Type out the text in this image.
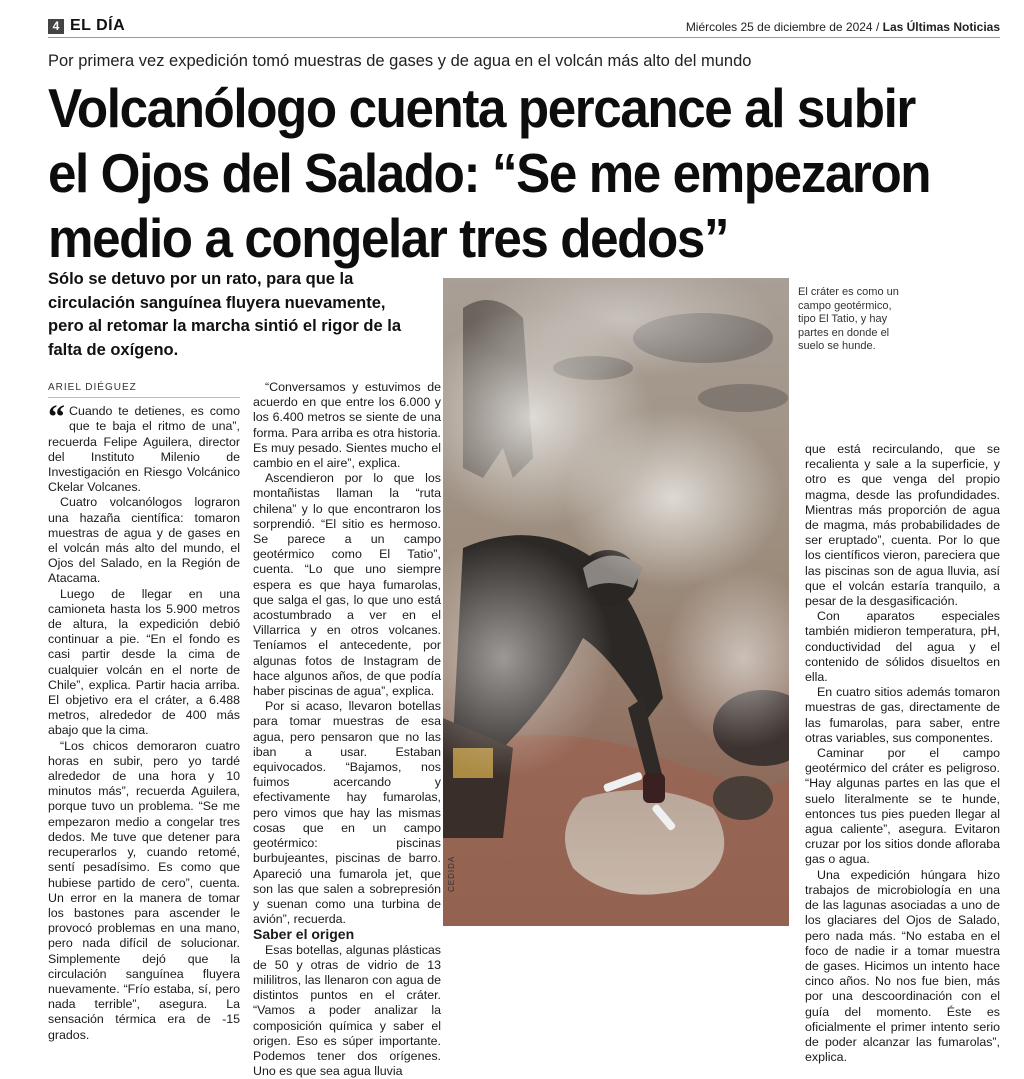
4 EL DÍA	Miércoles 25 de diciembre de 2024 / Las Últimas Noticias
Por primera vez expedición tomó muestras de gases y de agua en el volcán más alto del mundo
Volcanólogo cuenta percance al subir
el Ojos del Salado: “Se me empezaron
medio a congelar tres dedos”
Sólo se detuvo por un rato, para que la circulación sanguínea fluyera nuevamente, pero al retomar la marcha sintió el rigor de la falta de oxígeno.
ARIEL DIÉGUEZ

“ Cuando te detienes, es como que te baja el ritmo de una”, recuerda Felipe Aguilera, director del Instituto Milenio de Investigación en Riesgo Volcánico Ckelar Volcanes.

Cuatro volcanólogos lograron una hazaña científica: tomaron muestras de agua y de gases en el volcán más alto del mundo, el Ojos del Salado, en la Región de Atacama.

Luego de llegar en una camioneta hasta los 5.900 metros de altura, la expedición debió continuar a pie. “En el fondo es casi partir desde la cima de cualquier volcán en el norte de Chile”, explica. Partir hacia arriba. El objetivo era el cráter, a 6.488 metros, alrededor de 400 más abajo que la cima.

“Los chicos demoraron cuatro horas en subir, pero yo tardé alrededor de una hora y 10 minutos más”, recuerda Aguilera, porque tuvo un problema. “Se me empezaron medio a congelar tres dedos. Me tuve que detener para recuperarlos y, cuando retomé, sentí pesadísimo. Es como que hubiese partido de cero”, cuenta. Un error en la manera de tomar los bastones para ascender le provocó problemas en una mano, pero nada difícil de solucionar. Simplemente dejó que la circulación sanguínea fluyera nuevamente. “Frío estaba, sí, pero nada terrible”, asegura. La sensación térmica era de -15 grados.

“Conversamos y estuvimos de acuerdo en que entre los 6.000 y los 6.400 metros se siente de una forma. Para arriba es otra historia. Es muy pesado. Sientes mucho el cambio en el aire”, explica.

Ascendieron por lo que los montañistas llaman la “ruta chilena” y lo que encontraron los sorprendió. “El sitio es hermoso. Se parece a un campo geotérmico como El Tatio”, cuenta. “Lo que uno siempre espera es que haya fumarolas, que salga el gas, lo que uno está acostumbrado a ver en el Villarrica y en otros volcanes. Teníamos el antecedente, por algunas fotos de Instagram de hace algunos años, de que podía haber piscinas de agua”, explica.

Por si acaso, llevaron botellas para tomar muestras de esa agua, pero pensaron que no las iban a usar. Estaban equivocados. “Bajamos, nos fuimos acercando y efectivamente hay fumarolas, pero vimos que hay las mismas cosas que en un campo geotérmico: piscinas burbujeantes, piscinas de barro. Apareció una fumarola jet, que son las que salen a sobrepresión y suenan como una turbina de avión”, recuerda.

Saber el origen

Esas botellas, algunas plásticas de 50 y otras de vidrio de 13 mililitros, las llenaron con agua de distintos puntos en el cráter. “Vamos a poder analizar la composición química y saber el origen. Eso es súper importante. Podemos tener dos orígenes. Uno es que sea agua lluvia

CEDIDA
El cráter es como un campo geotérmico, tipo El Tatio, y hay partes en donde el suelo se hunde.

que está recirculando, que se recalienta y sale a la superficie, y otro es que venga del propio magma, desde las profundidades. Mientras más proporción de agua de magma, más probabilidades de ser eruptado”, cuenta. Por lo que los científicos vieron, pareciera que las piscinas son de agua lluvia, así que el volcán estaría tranquilo, a pesar de la desgasificación.

Con aparatos especiales también midieron temperatura, pH, conductividad del agua y el contenido de sólidos disueltos en ella.

En cuatro sitios además tomaron muestras de gas, directamente de las fumarolas, para saber, entre otras variables, sus componentes.

Caminar por el campo geotérmico del cráter es peligroso. “Hay algunas partes en las que el suelo literalmente se te hunde, entonces tus pies pueden llegar al agua caliente”, asegura. Evitaron cruzar por los sitios donde afloraba gas o agua.

Una expedición húngara hizo trabajos de microbiología en una de las lagunas asociadas a uno de los glaciares del Ojos de Salado, pero nada más. “No estaba en el foco de nadie ir a tomar muestra de gases. Hicimos un intento hace cinco años. No nos fue bien, más por una descoordinación con el guía del momento. Éste es oficialmente el primer intento serio de poder alcanzar las fumarolas”, explica.
